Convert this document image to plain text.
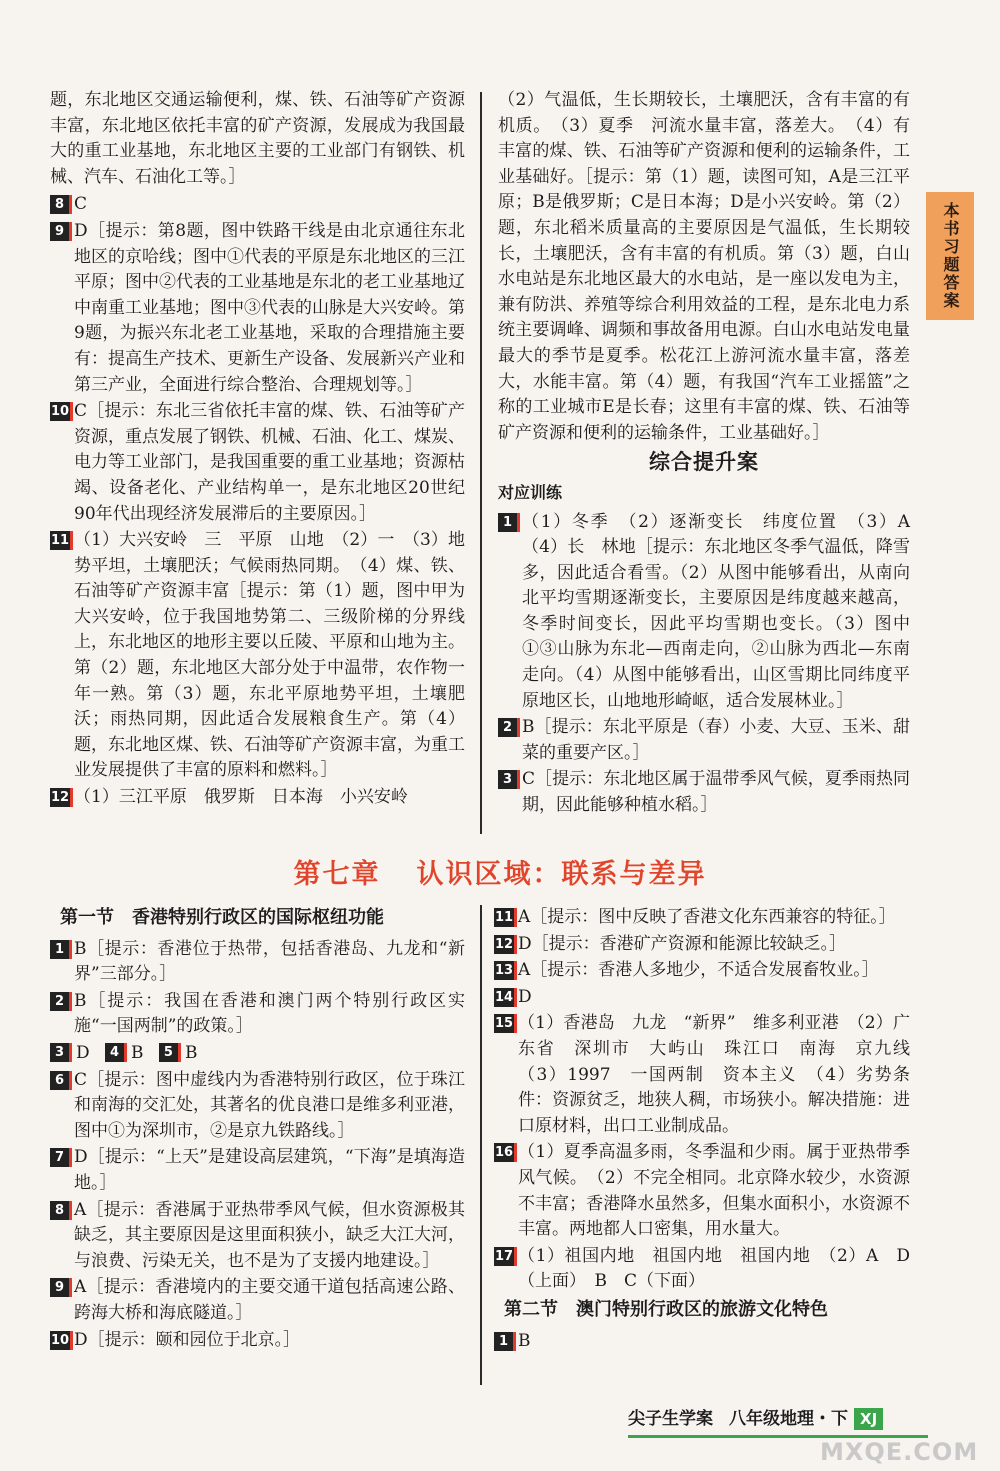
本书习题答案
题，东北地区交通运输便利，煤、铁、石油等矿产资源丰富，东北地区依托丰富的矿产资源，发展成为我国最大的重工业基地，东北地区主要的工业部门有钢铁、机械、汽车、石油化工等。］
8 C
9 D［提示：第8题，图中铁路干线是由北京通往东北地区的京哈线；图中①代表的平原是东北地区的三江平原；图中②代表的工业基地是东北的老工业基地辽中南重工业基地；图中③代表的山脉是大兴安岭。第9题，为振兴东北老工业基地，采取的合理措施主要有：提高生产技术、更新生产设备、发展新兴产业和第三产业，全面进行综合整治、合理规划等。］
10 C［提示：东北三省依托丰富的煤、铁、石油等矿产资源，重点发展了钢铁、机械、石油、化工、煤炭、电力等工业部门，是我国重要的重工业基地；资源枯竭、设备老化、产业结构单一，是东北地区20世纪90年代出现经济发展滞后的主要原因。］
11 （1）大兴安岭　三　平原　山地　（2）一　（3）地势平坦，土壤肥沃；气候雨热同期。　（4）煤、铁、石油等矿产资源丰富［提示：第（1）题，图中甲为大兴安岭，位于我国地势第二、三级阶梯的分界线上，东北地区的地形主要以丘陵、平原和山地为主。第（2）题，东北地区大部分处于中温带，农作物一年一熟。第（3）题，东北平原地势平坦，土壤肥沃；雨热同期，因此适合发展粮食生产。第（4）题，东北地区煤、铁、石油等矿产资源丰富，为重工业发展提供了丰富的原料和燃料。］
12 （1）三江平原　俄罗斯　日本海　小兴安岭
（2）气温低，生长期较长，土壤肥沃，含有丰富的有机质。　（3）夏季　河流水量丰富，落差大。　（4）有丰富的煤、铁、石油等矿产资源和便利的运输条件，工业基础好。［提示：第（1）题，读图可知，A是三江平原；B是俄罗斯；C是日本海；D是小兴安岭。第（2）题，东北稻米质量高的主要原因是气温低，生长期较长，土壤肥沃，含有丰富的有机质。第（3）题，白山水电站是东北地区最大的水电站，是一座以发电为主，兼有防洪、养殖等综合利用效益的工程，是东北电力系统主要调峰、调频和事故备用电源。白山水电站发电量最大的季节是夏季。松花江上游河流水量丰富，落差大，水能丰富。第（4）题，有我国“汽车工业摇篮”之称的工业城市E是长春；这里有丰富的煤、铁、石油等矿产资源和便利的运输条件，工业基础好。］
综合提升案
对应训练
1 （1）冬季　（2）逐渐变长　纬度位置　（3）A　（4）长　林地［提示：东北地区冬季气温低，降雪多，因此适合看雪。（2）从图中能够看出，从南向北平均雪期逐渐变长，主要原因是纬度越来越高，冬季时间变长，因此平均雪期也变长。（3）图中①③山脉为东北—西南走向，②山脉为西北—东南走向。（4）从图中能够看出，山区雪期比同纬度平原地区长，山地地形崎岖，适合发展林业。］
2 B［提示：东北平原是（春）小麦、大豆、玉米、甜菜的重要产区。］
3 C［提示：东北地区属于温带季风气候，夏季雨热同期，因此能够种植水稻。］
第七章 认识区域：联系与差异
第一节　香港特别行政区的国际枢纽功能
1 B［提示：香港位于热带，包括香港岛、九龙和“新界”三部分。］
2 B［提示：我国在香港和澳门两个特别行政区实施“一国两制”的政策。］
3 D 4 B 5 B
6 C［提示：图中虚线内为香港特别行政区，位于珠江和南海的交汇处，其著名的优良港口是维多利亚港，图中①为深圳市，②是京九铁路线。］
7 D［提示：“上天”是建设高层建筑，“下海”是填海造地。］
8 A［提示：香港属于亚热带季风气候，但水资源极其缺乏，其主要原因是这里面积狭小，缺乏大江大河，与浪费、污染无关，也不是为了支援内地建设。］
9 A［提示：香港境内的主要交通干道包括高速公路、跨海大桥和海底隧道。］
10 D［提示：颐和园位于北京。］
11 A［提示：图中反映了香港文化东西兼容的特征。］
12 D［提示：香港矿产资源和能源比较缺乏。］
13 A［提示：香港人多地少，不适合发展畜牧业。］
14 D
15 （1）香港岛　九龙　“新界”　维多利亚港　（2）广东省　深圳市　大屿山　珠江口　南海　京九线　（3）1997　一国两制　资本主义　（4）劣势条件：资源贫乏，地狭人稠，市场狭小。解决措施：进口原材料，出口工业制成品。
16 （1）夏季高温多雨，冬季温和少雨。属于亚热带季风气候。　（2）不完全相同。北京降水较少，水资源不丰富；香港降水虽然多，但集水面积小，水资源不丰富。两地都人口密集，用水量大。
17 （1）祖国内地　祖国内地　祖国内地　（2）A　D（上面）　B　C（下面）
第二节　澳门特别行政区的旅游文化特色
1 B
尖子生学案 八年级地理・下 XJ
MXQE.COM
